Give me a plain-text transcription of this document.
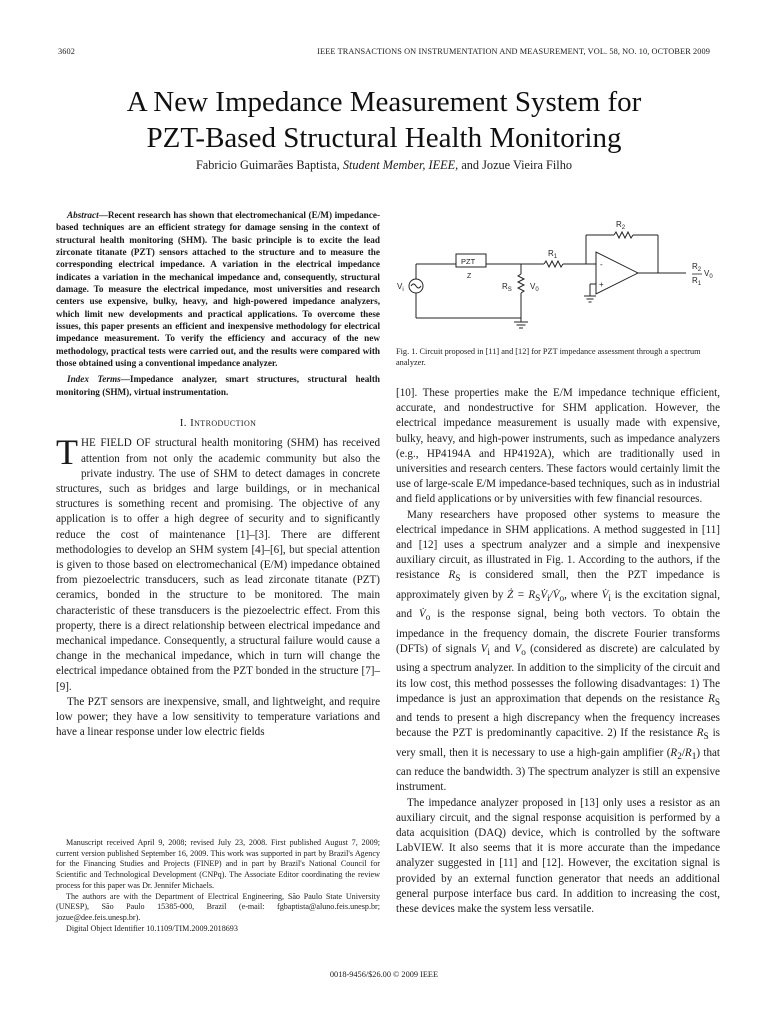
3602	IEEE TRANSACTIONS ON INSTRUMENTATION AND MEASUREMENT, VOL. 58, NO. 10, OCTOBER 2009
A New Impedance Measurement System for
PZT-Based Structural Health Monitoring
Fabricio Guimarães Baptista, Student Member, IEEE, and Jozue Vieira Filho
Abstract—Recent research has shown that electromechanical (E/M) impedance-based techniques are an efficient strategy for damage sensing in the context of structural health monitoring (SHM). The basic principle is to excite the lead zirconate titanate (PZT) sensors attached to the structure and to measure the corresponding electrical impedance. A variation in the electrical impedance indicates a variation in the mechanical impedance and, consequently, structural damage. To measure the electrical impedance, most universities and research centers use expensive, bulky, heavy, and high-powered impedance analyzers, which limit new developments and practical applications. To overcome these issues, this paper presents an efficient and inexpensive methodology for electrical impedance measurement. To verify the efficiency and accuracy of the new methodology, practical tests were carried out, and the results were compared with those obtained using a conventional impedance analyzer.
Index Terms—Impedance analyzer, smart structures, structural health monitoring (SHM), virtual instrumentation.
I. Introduction
THE FIELD OF structural health monitoring (SHM) has received attention from not only the academic community but also the private industry. The use of SHM to detect damages in concrete structures, such as bridges and large buildings, or in mechanical structures is something recent and promising. The objective of any application is to offer a high degree of security and to significantly reduce the cost of maintenance [1]–[3]. There are different methodologies to develop an SHM system [4]–[6], but special attention is given to those based on electromechanical (E/M) impedance obtained from piezoelectric transducers, such as lead zirconate titanate (PZT) ceramics, bonded in the structure to be monitored. The main characteristic of these transducers is the piezoelectric effect. From this property, there is a direct relationship between electrical impedance and mechanical impedance. Consequently, a structural failure would cause a change in the mechanical impedance, which in turn will change the electrical impedance obtained from the PZT bonded in the structure [7]–[9].
The PZT sensors are inexpensive, small, and lightweight, and require low power; they have a low sensitivity to temperature variations and have a linear response under low electric fields

Manuscript received April 9, 2008; revised July 23, 2008. First published August 7, 2009; current version published September 16, 2009. This work was supported in part by Brazil's Agency for the Financing Studies and Projects (FINEP) and in part by Brazil's National Council for Scientific and Technological Development (CNPq). The Associate Editor coordinating the review process for this paper was Dr. Jennifer Michaels.

The authors are with the Department of Electrical Engineering, São Paulo State University (UNESP), São Paulo 15385-000, Brazil (e-mail: fgbaptista@aluno.feis.unesp.br; jozue@dee.feis.unesp.br).

Digital Object Identifier 10.1109/TIM.2009.2018693

$R_2$
$R_1$
PZT
Z
$R_S$ $V_0$
$V_i$
-
+
$R_2$
$R_1$
$V_0$
Fig. 1. Circuit proposed in [11] and [12] for PZT impedance assessment through a spectrum analyzer.
[10]. These properties make the E/M impedance technique efficient, accurate, and nondestructive for SHM application. However, the electrical impedance measurement is usually made with expensive, bulky, heavy, and high-power instruments, such as impedance analyzers (e.g., HP4194A and HP4192A), which are traditionally used in universities and research centers. These factors would certainly limit the use of large-scale E/M impedance-based techniques, such as in industrial and field applications or by universities with few financial resources.
Many researchers have proposed other systems to measure the electrical impedance in SHM applications. A method suggested in [11] and [12] uses a spectrum analyzer and a simple and inexpensive auxiliary circuit, as illustrated in Fig. 1. According to the authors, if the resistance $R_S$ is considered small, then the PZT impedance is approximately given by Ż = $R_SV̇_i/V̇_o$, where $V̇_i$ is the excitation signal, and $V̇_o$ is the response signal, being both vectors. To obtain the impedance in the frequency domain, the discrete Fourier transforms (DFTs) of signals $V_i$ and $V_o$ (considered as discrete) are calculated by using a spectrum analyzer. In addition to the simplicity of the circuit and its low cost, this method possesses the following disadvantages: 1) The impedance is just an approximation that depends on the resistance $R_S$ and tends to present a high discrepancy when the frequency increases because the PZT is predominantly capacitive. 2) If the resistance $R_S$ is very small, then it is necessary to use a high-gain amplifier $(R_2/R_1)$ that can reduce the bandwidth. 3) The spectrum analyzer is still an expensive instrument.
The impedance analyzer proposed in [13] only uses a resistor as an auxiliary circuit, and the signal response acquisition is performed by a data acquisition (DAQ) device, which is controlled by the software LabVIEW. It also seems that it is more accurate than the impedance analyzer suggested in [11] and [12]. However, the excitation signal is provided by an external function generator that needs an additional general purpose interface bus card. In addition to increasing the cost, these devices make the system less versatile.
0018-9456/$26.00 © 2009 IEEE
